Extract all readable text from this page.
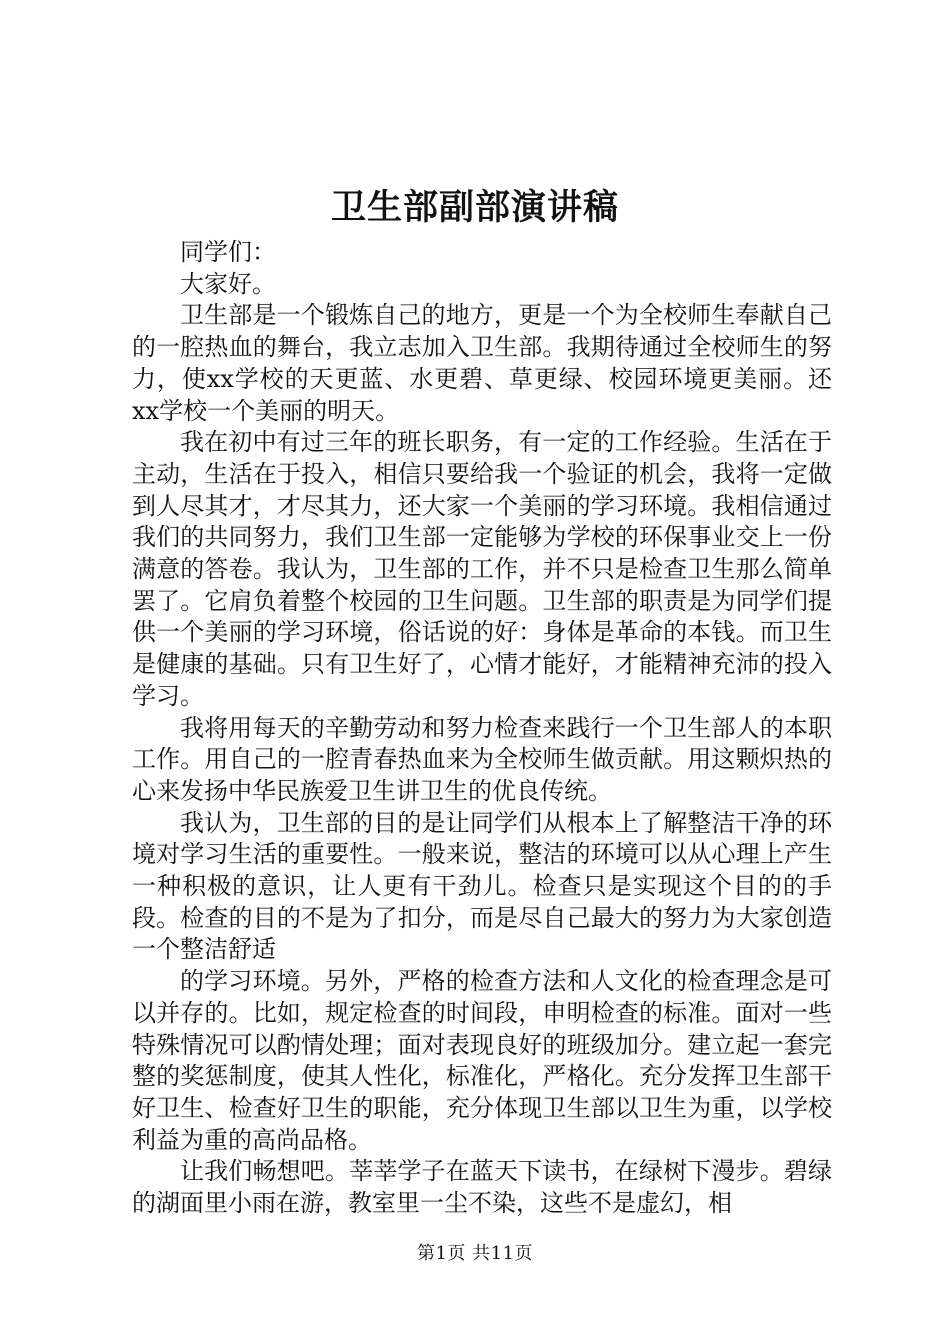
卫生部副部演讲稿

同学们：

大家好。

卫生部是一个锻炼自己的地方，更是一个为全校师生奉献自己的一腔热血的舞台，我立志加入卫生部。我期待通过全校师生的努力，使xx学校的天更蓝、水更碧、草更绿、校园环境更美丽。还xx学校一个美丽的明天。

我在初中有过三年的班长职务，有一定的工作经验。生活在于主动，生活在于投入，相信只要给我一个验证的机会，我将一定做到人尽其才，才尽其力，还大家一个美丽的学习环境。我相信通过我们的共同努力，我们卫生部一定能够为学校的环保事业交上一份满意的答卷。我认为，卫生部的工作，并不只是检查卫生那么简单罢了。它肩负着整个校园的卫生问题。卫生部的职责是为同学们提供一个美丽的学习环境，俗话说的好：身体是革命的本钱。而卫生是健康的基础。只有卫生好了，心情才能好，才能精神充沛的投入学习。

我将用每天的辛勤劳动和努力检查来践行一个卫生部人的本职工作。用自己的一腔青春热血来为全校师生做贡献。用这颗炽热的心来发扬中华民族爱卫生讲卫生的优良传统。

我认为，卫生部的目的是让同学们从根本上了解整洁干净的环境对学习生活的重要性。一般来说，整洁的环境可以从心理上产生一种积极的意识，让人更有干劲儿。检查只是实现这个目的的手段。检查的目的不是为了扣分，而是尽自己最大的努力为大家创造一个整洁舒适

的学习环境。另外，严格的检查方法和人文化的检查理念是可以并存的。比如，规定检查的时间段，申明检查的标准。面对一些特殊情况可以酌情处理；面对表现良好的班级加分。建立起一套完整的奖惩制度，使其人性化，标准化，严格化。充分发挥卫生部干好卫生、检查好卫生的职能，充分体现卫生部以卫生为重，以学校利益为重的高尚品格。

让我们畅想吧。莘莘学子在蓝天下读书，在绿树下漫步。碧绿的湖面里小雨在游，教室里一尘不染，这些不是虚幻，相

第1页 共11页
